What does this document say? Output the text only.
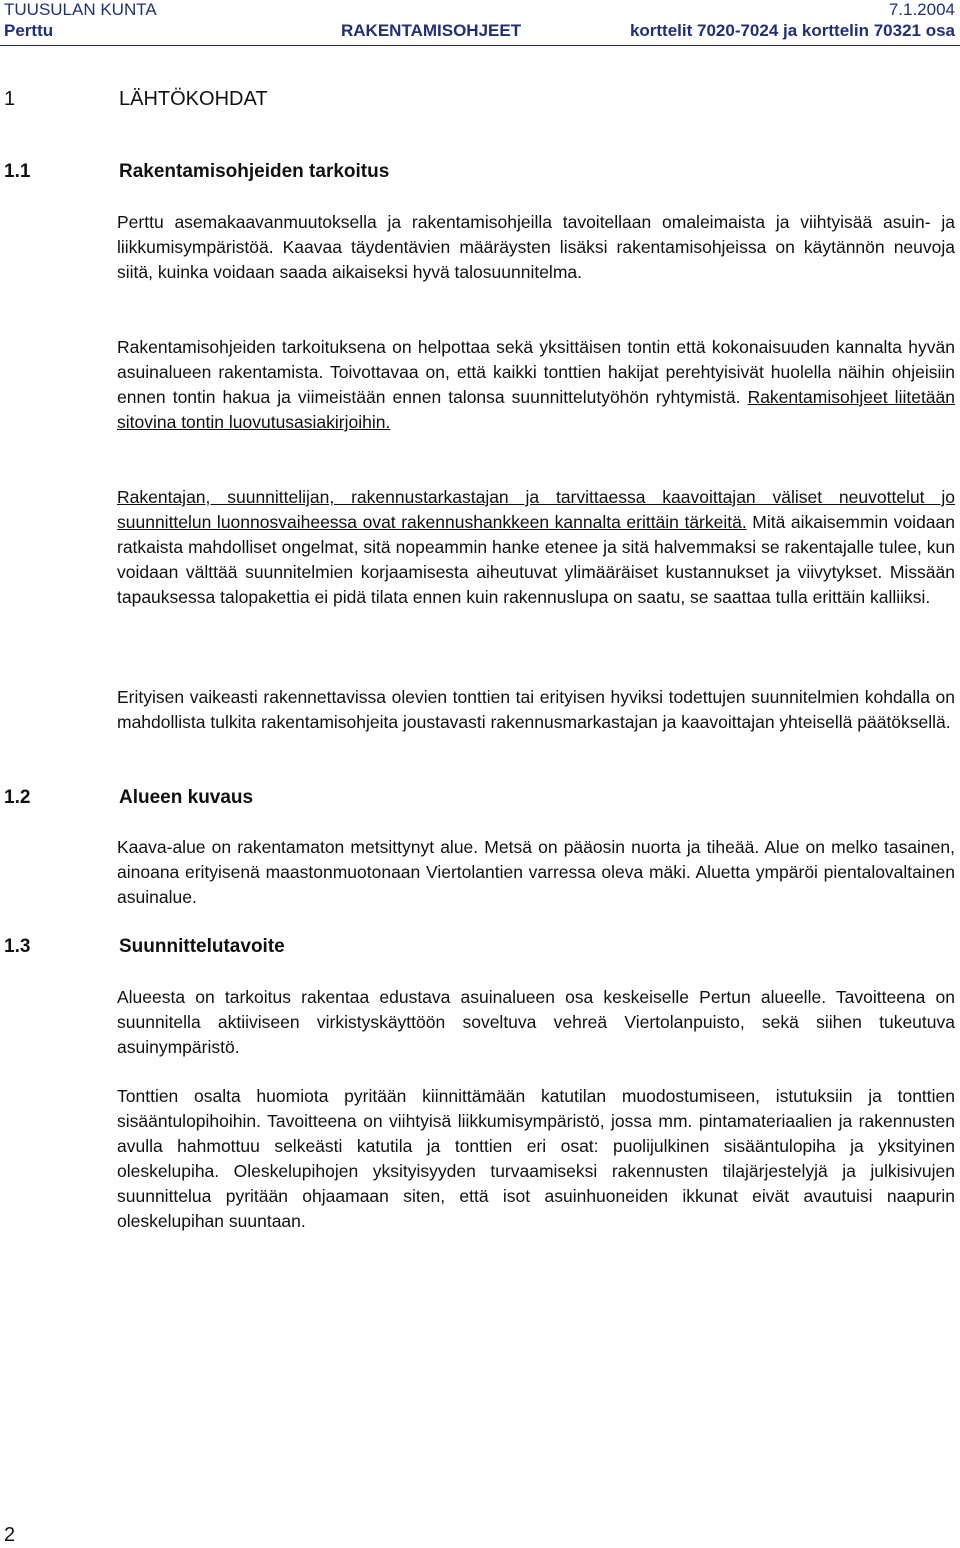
TUUSULAN KUNTA	7.1.2004
Perttu	RAKENTAMISOHJEET	korttelit 7020-7024 ja korttelin 70321 osa
1	LÄHTÖKOHDAT
1.1	Rakentamisohjeiden tarkoitus
Perttu asemakaavanmuutoksella ja rakentamisohjeilla tavoitellaan omaleimaista ja viihtyisää asuin- ja liikkumisympäristöä. Kaavaa täydentävien määräysten lisäksi rakentamisohjeissa on käytännön neuvoja siitä, kuinka voidaan saada aikaiseksi hyvä talosuunnitelma.
Rakentamisohjeiden tarkoituksena on helpottaa sekä yksittäisen tontin että kokonaisuuden kannalta hyvän asuinalueen rakentamista. Toivottavaa on, että kaikki tonttien hakijat perehtyisivät huolella näihin ohjeisiin ennen tontin hakua ja viimeistään ennen talonsa suunnittelutyöhön ryhtymistä. Rakentamisohjeet liitetään sitovina tontin luovutusasiakirjoihin.
Rakentajan, suunnittelijan, rakennustarkastajan ja tarvittaessa kaavoittajan väliset neuvottelut jo suunnittelun luonnosvaiheessa ovat rakennushankkeen kannalta erittäin tärkeitä. Mitä aikaisemmin voidaan ratkaista mahdolliset ongelmat, sitä nopeammin hanke etenee ja sitä halvemmaksi se rakentajalle tulee, kun voidaan välttää suunnitelmien korjaamisesta aiheutuvat ylimääräiset kustannukset ja viivytykset. Missään tapauksessa talopakettia ei pidä tilata ennen kuin rakennuslupa on saatu, se saattaa tulla erittäin kalliiksi.
Erityisen vaikeasti rakennettavissa olevien tonttien tai erityisen hyviksi todettujen suunnitelmien kohdalla on mahdollista tulkita rakentamisohjeita joustavasti rakennusmarkastajan ja kaavoittajan yhteisellä päätöksellä.
1.2	Alueen kuvaus
Kaava-alue on rakentamaton metsittynyt alue. Metsä on pääosin nuorta ja tiheää. Alue on melko tasainen, ainoana erityisenä maastonmuotonaan Viertolantien varressa oleva mäki. Aluetta ympäröi pientalovaltainen asuinalue.
1.3	Suunnittelutavoite
Alueesta on tarkoitus rakentaa edustava asuinalueen osa keskeiselle Pertun alueelle. Tavoitteena on suunnitella aktiiviseen virkistyskäyttöön soveltuva vehreä Viertolanpuisto, sekä siihen tukeutuva asuinympäristö.
Tonttien osalta huomiota pyritään kiinnittämään katutilan muodostumiseen, istutuksiin ja tonttien sisääntulopihoihin. Tavoitteena on viihtyisä liikkumisympäristö, jossa mm. pintamateriaalien ja rakennusten avulla hahmottuu selkeästi katutila ja tonttien eri osat: puolijulkinen sisääntulopiha ja yksityinen oleskelupiha. Oleskelupihojen yksityisyyden turvaamiseksi rakennusten tilajärjestelyjä ja julkisivujen suunnittelua pyritään ohjaamaan siten, että isot asuinhuoneiden ikkunat eivät avautuisi naapurin oleskelupihan suuntaan.
2
